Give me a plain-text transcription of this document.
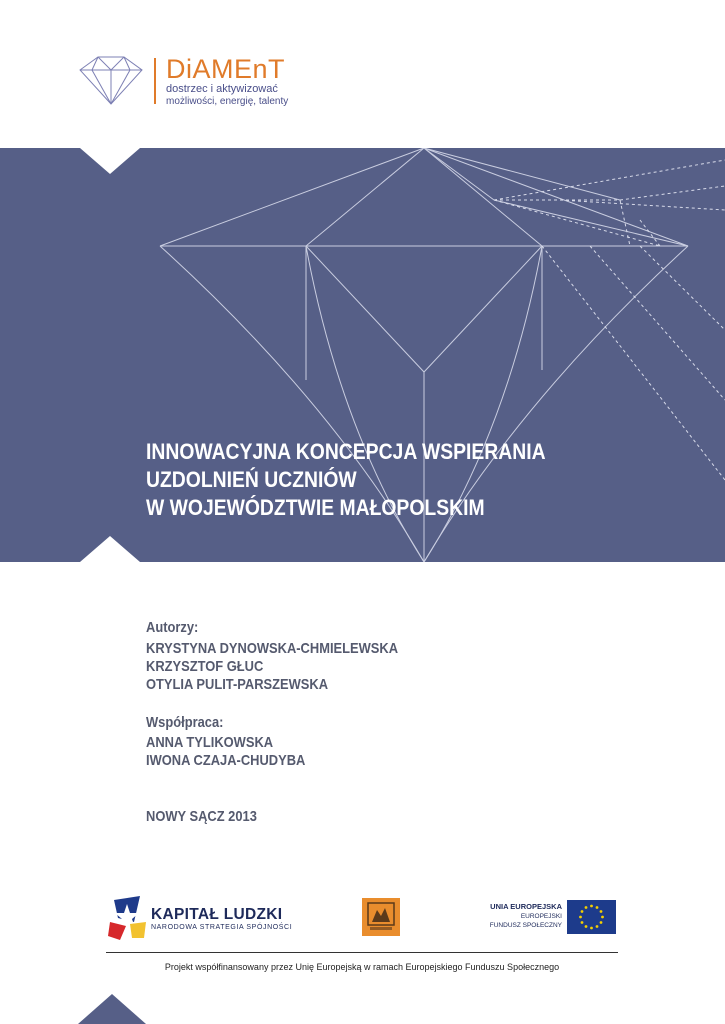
DiAMEnT
dostrzec i aktywizować
możliwości, energię, talenty
INNOWACYJNA KONCEPCJA WSPIERANIA
UZDOLNIEŃ UCZNIÓW
W WOJEWÓDZTWIE MAŁOPOLSKIM
Autorzy:
KRYSTYNA DYNOWSKA-CHMIELEWSKA
KRZYSZTOF GŁUC
OTYLIA PULIT-PARSZEWSKA
Współpraca:
ANNA TYLIKOWSKA
IWONA CZAJA-CHUDYBA
NOWY SĄCZ 2013
KAPITAŁ LUDZKI
NARODOWA STRATEGIA SPÓJNOŚCI
UNIA EUROPEJSKA
EUROPEJSKI
FUNDUSZ SPOŁECZNY
Projekt współfinansowany przez Unię Europejską w ramach Europejskiego Funduszu Społecznego
